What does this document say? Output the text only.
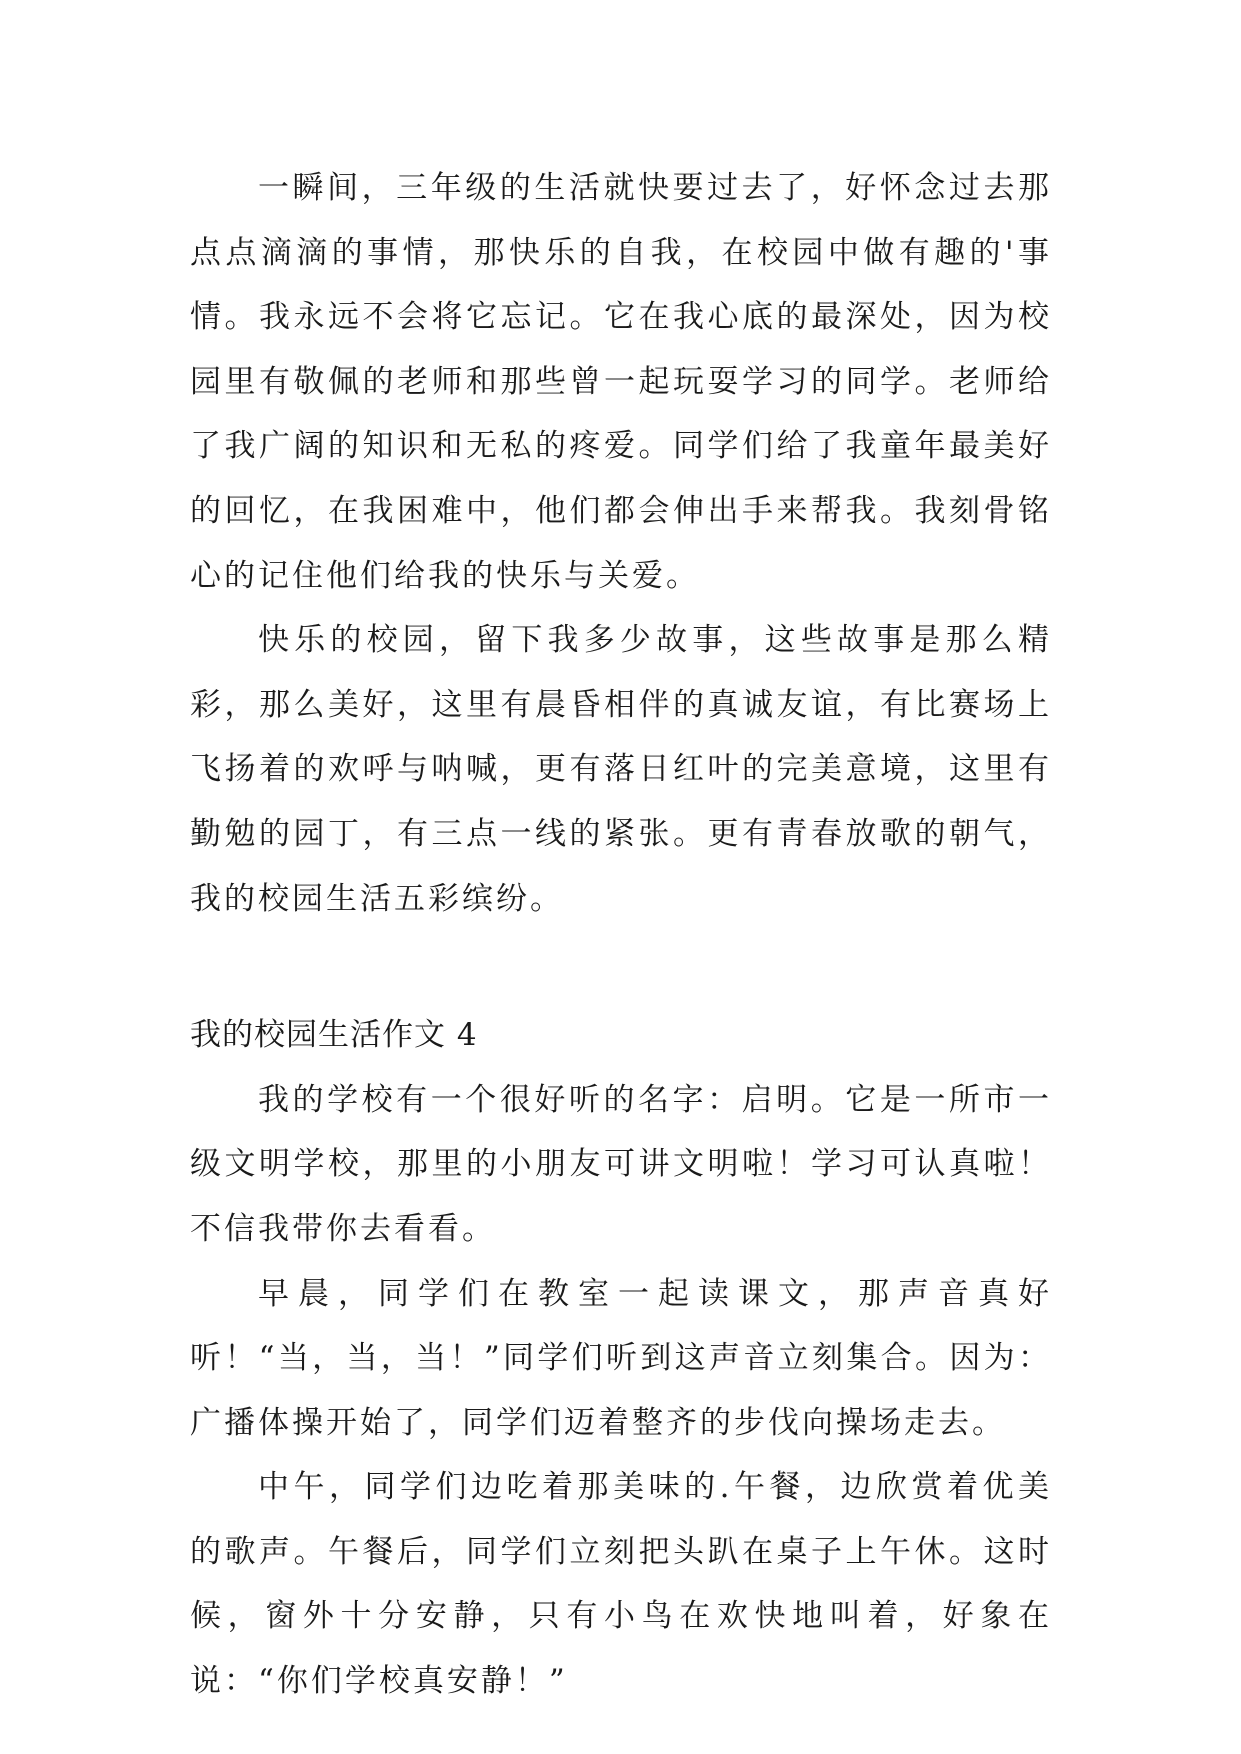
一瞬间，三年级的生活就快要过去了，好怀念过去那点点滴滴的事情，那快乐的自我，在校园中做有趣的'事情。我永远不会将它忘记。它在我心底的最深处，因为校园里有敬佩的老师和那些曾一起玩耍学习的同学。老师给了我广阔的知识和无私的疼爱。同学们给了我童年最美好的回忆，在我困难中，他们都会伸出手来帮我。我刻骨铭心的记住他们给我的快乐与关爱。

快乐的校园，留下我多少故事，这些故事是那么精彩，那么美好，这里有晨昏相伴的真诚友谊，有比赛场上飞扬着的欢呼与呐喊，更有落日红叶的完美意境，这里有勤勉的园丁，有三点一线的紧张。更有青春放歌的朝气，我的校园生活五彩缤纷。

我的校园生活作文 4

我的学校有一个很好听的名字：启明。它是一所市一级文明学校，那里的小朋友可讲文明啦！学习可认真啦！不信我带你去看看。

早晨，同学们在教室一起读课文，那声音真好听！“当，当，当！”同学们听到这声音立刻集合。因为：广播体操开始了，同学们迈着整齐的步伐向操场走去。

中午，同学们边吃着那美味的.午餐，边欣赏着优美的歌声。午餐后，同学们立刻把头趴在桌子上午休。这时候，窗外十分安静，只有小鸟在欢快地叫着，好象在说：“你们学校真安静！”
